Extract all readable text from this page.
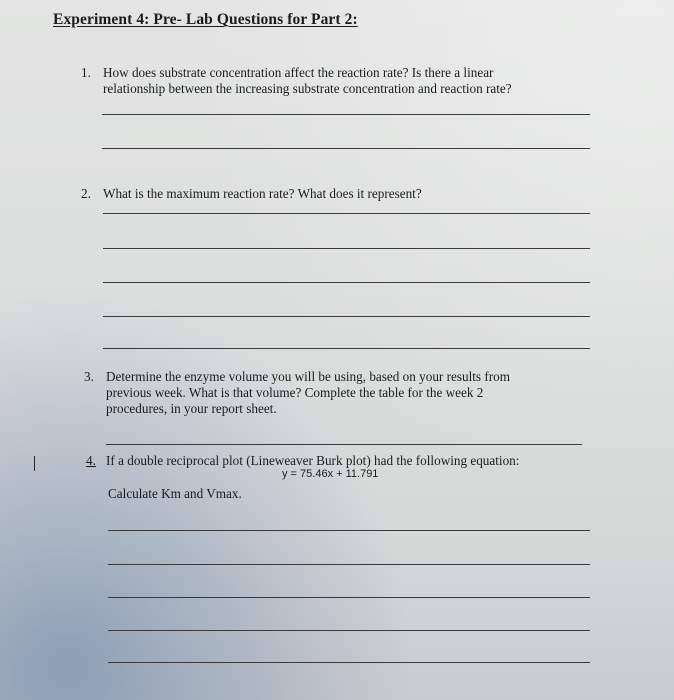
Experiment 4: Pre- Lab Questions for Part 2:
1. How does substrate concentration affect the reaction rate? Is there a linear
relationship between the increasing substrate concentration and reaction rate?
2. What is the maximum reaction rate? What does it represent?
3. Determine the enzyme volume you will be using, based on your results from
previous week. What is that volume? Complete the table for the week 2
procedures, in your report sheet.
4. If a double reciprocal plot (Lineweaver Burk plot) had the following equation:
y = 75.46x + 11.791
Calculate Km and Vmax.
